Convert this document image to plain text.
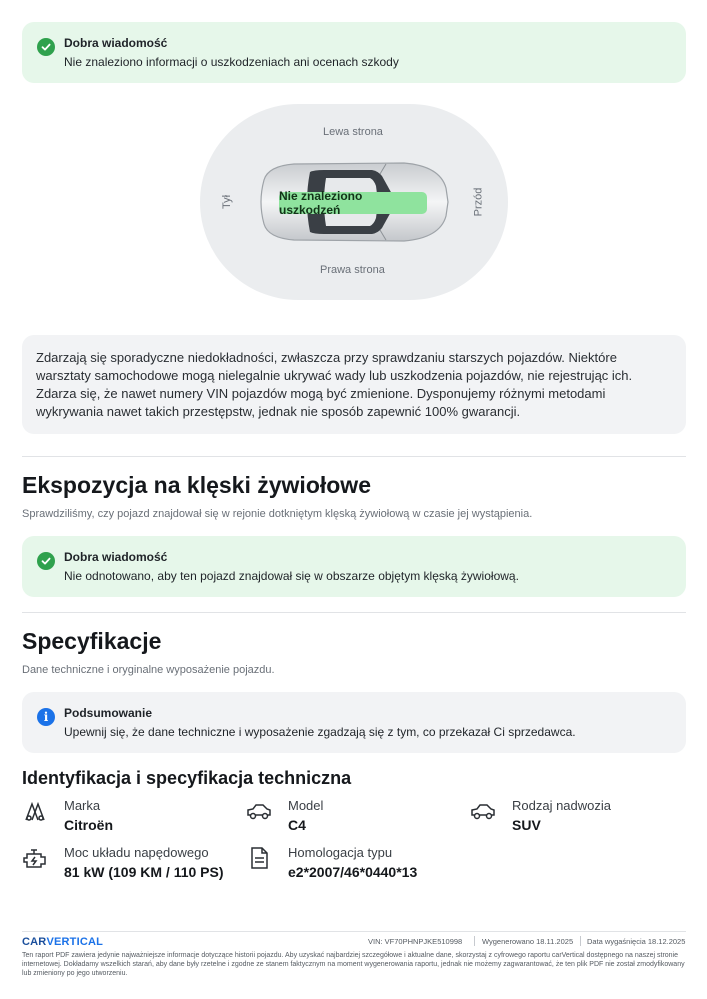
Dobra wiadomość
Nie znaleziono informacji o uszkodzeniach ani ocenach szkody
Lewa strona
Prawa strona
Tył	Przód
Nie znaleziono uszkodzeń
Zdarzają się sporadyczne niedokładności, zwłaszcza przy sprawdzaniu starszych pojazdów. Niektóre warsztaty samochodowe mogą nielegalnie ukrywać wady lub uszkodzenia pojazdów, nie rejestrując ich. Zdarza się, że nawet numery VIN pojazdów mogą być zmienione. Dysponujemy różnymi metodami wykrywania nawet takich przestępstw, jednak nie sposób zapewnić 100% gwarancji.
Ekspozycja na klęski żywiołowe
Sprawdziliśmy, czy pojazd znajdował się w rejonie dotkniętym klęską żywiołową w czasie jej wystąpienia.
Dobra wiadomość
Nie odnotowano, aby ten pojazd znajdował się w obszarze objętym klęską żywiołową.
Specyfikacje
Dane techniczne i oryginalne wyposażenie pojazdu.
i	Podsumowanie
Upewnij się, że dane techniczne i wyposażenie zgadzają się z tym, co przekazał Ci sprzedawca.
Identyfikacja i specyfikacja techniczna
Marka
Citroën
Model
C4
Rodzaj nadwozia
SUV
Moc układu napędowego
81 kW (109 KM / 110 PS)
Homologacja typu
e2*2007/46*0440*13
CARVERTICAL	VIN: VF70PHNPJKE510998	Wygenerowano 18.11.2025 Data wygaśnięcia 18.12.2025
Ten raport PDF zawiera jedynie najważniejsze informacje dotyczące historii pojazdu. Aby uzyskać najbardziej szczegółowe i aktualne dane, skorzystaj z cyfrowego raportu carVertical dostępnego na naszej stronie internetowej. Dokładamy wszelkich starań, aby dane były rzetelne i zgodne ze stanem faktycznym na moment wygenerowania raportu, jednak nie możemy zagwarantować, że ten plik PDF nie został zmodyfikowany lub zmieniony po jego utworzeniu.
